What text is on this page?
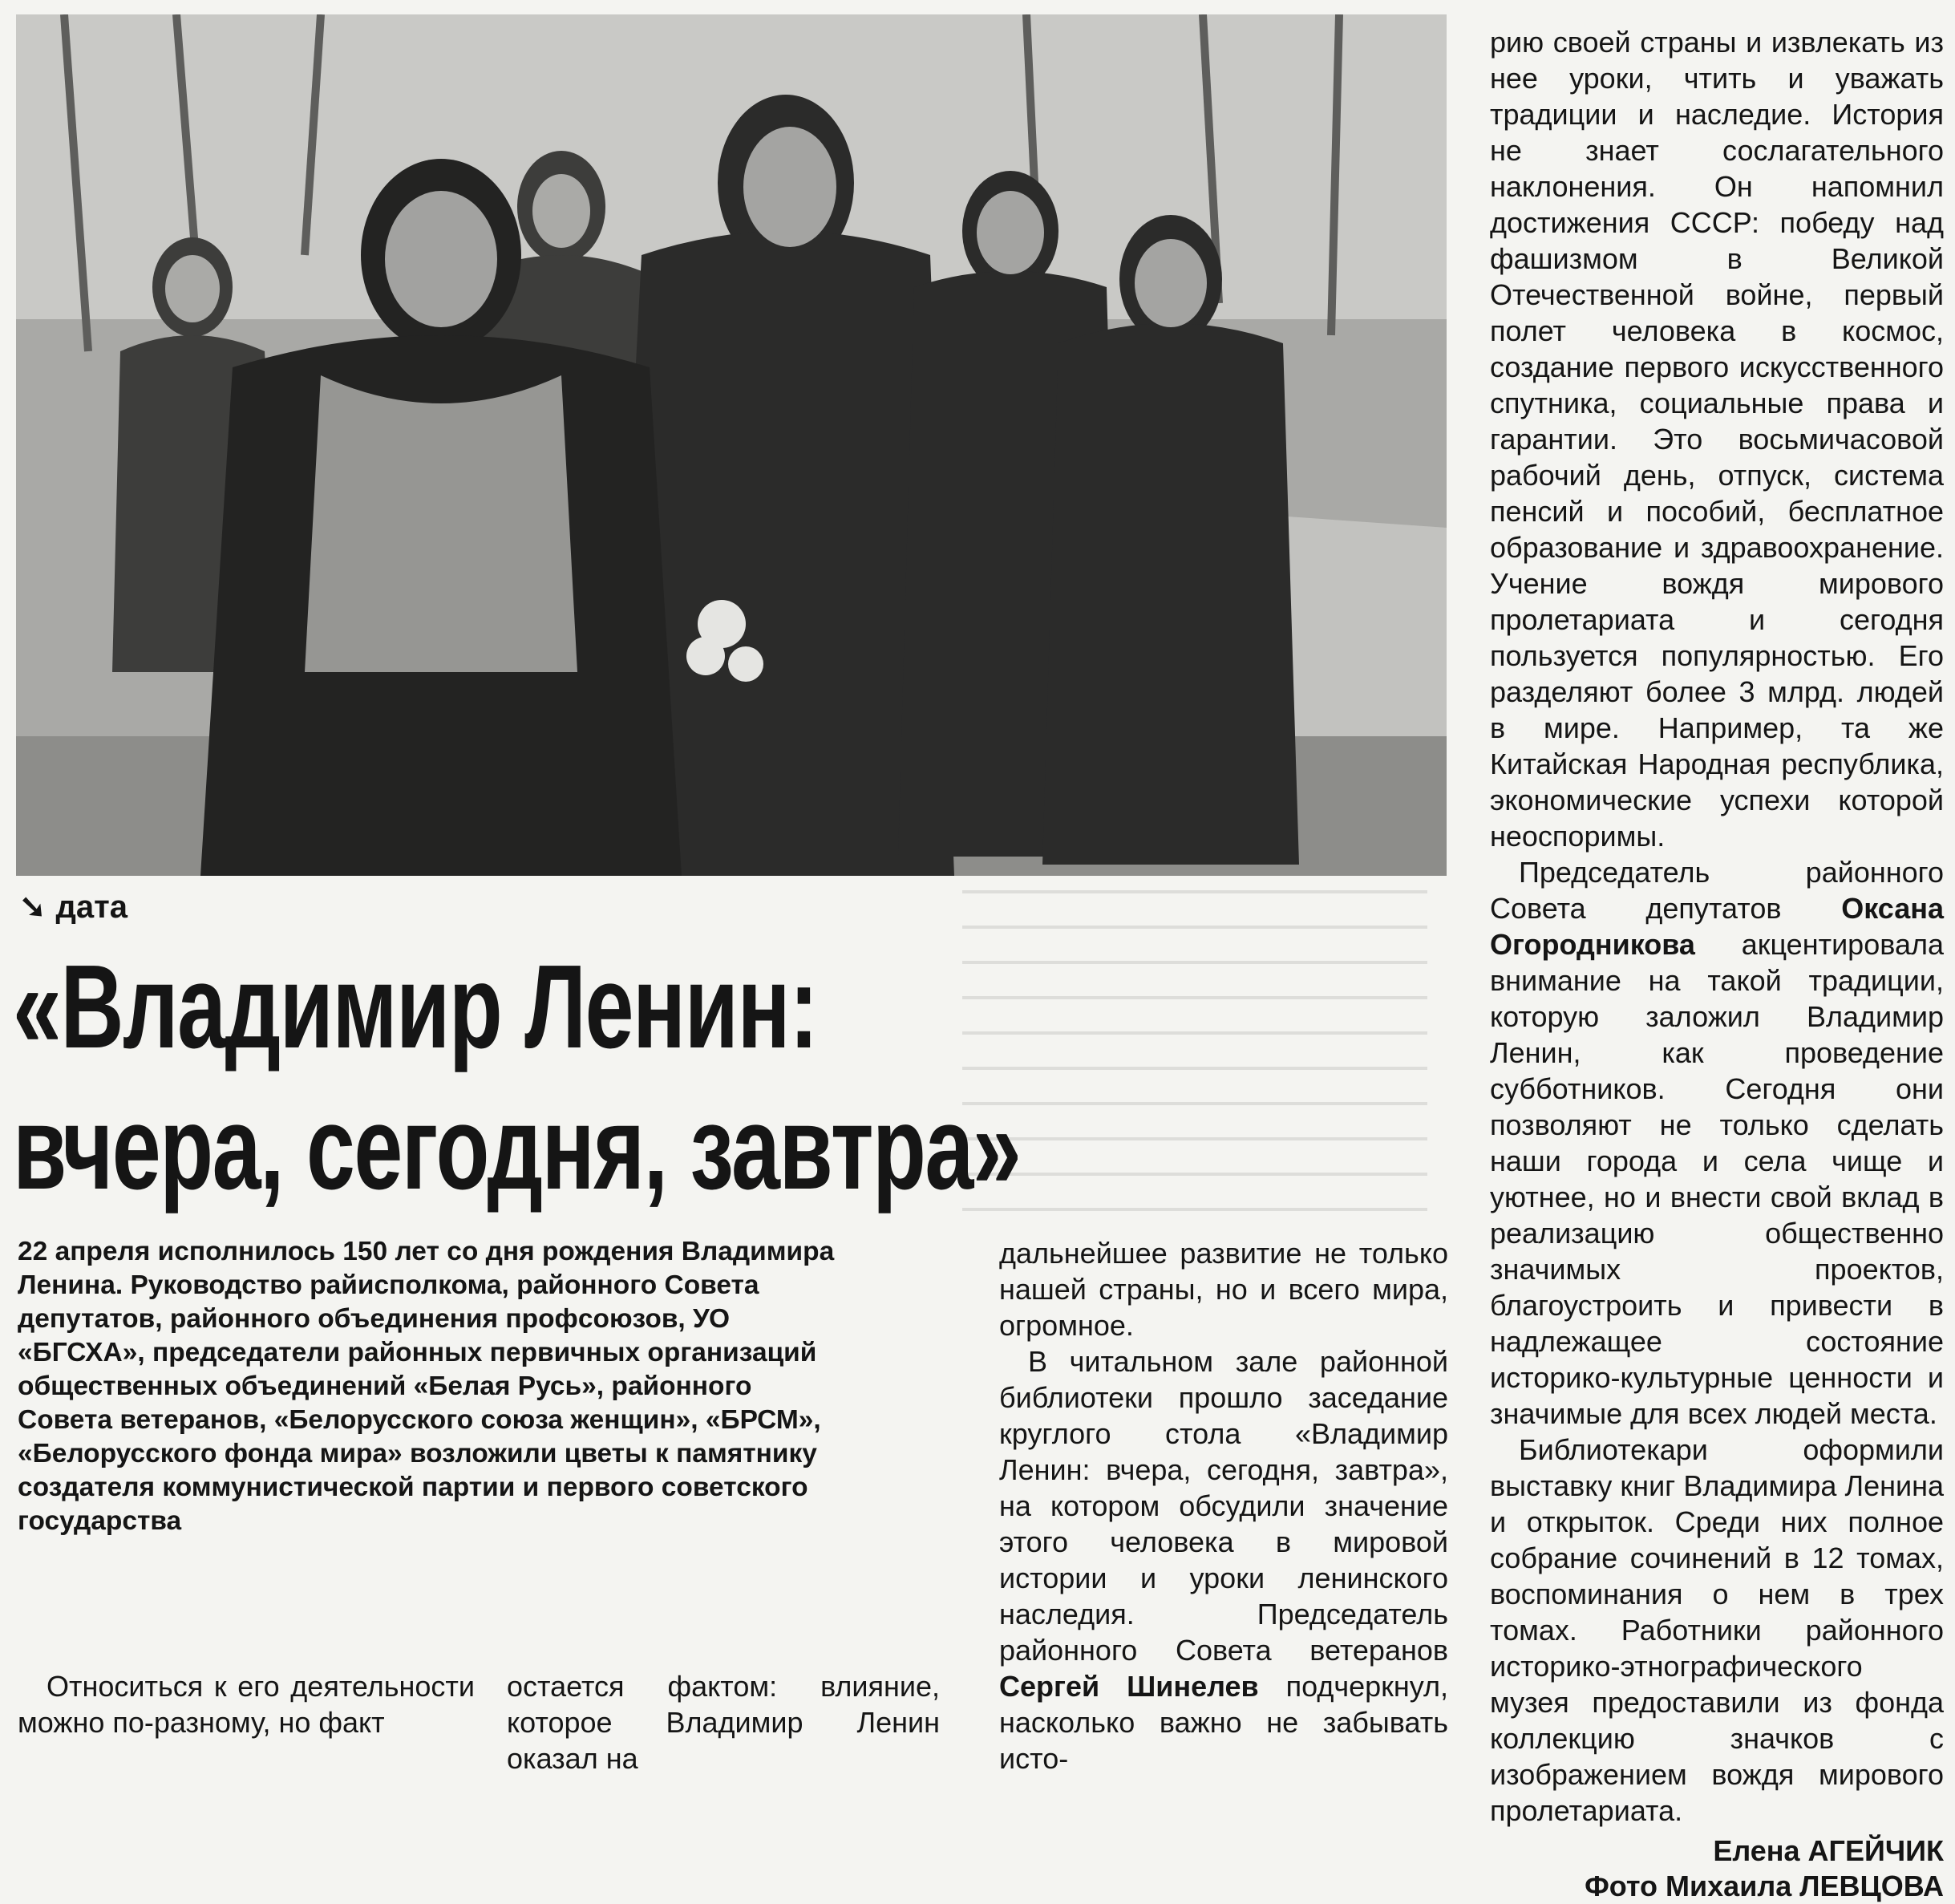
➘ дата
«Владимир Ленин:
вчера, сегодня, завтра»

22 апреля исполнилось 150 лет со дня рождения Владимира Ленина. Руководство райисполкома, районного Совета депутатов, районного объединения профсоюзов, УО «БГСХА», председатели районных первичных организаций общественных объединений «Белая Русь», районного Совета ветеранов, «Белорусского союза женщин», «БРСМ», «Белорусского фонда мира» возложили цветы к памятнику создателя коммунистической партии и первого советского государства

Относиться к его деятельности можно по-разному, но факт

остается фактом: влияние, которое Владимир Ленин оказал на

дальнейшее развитие не только нашей страны, но и всего мира, огромное.

В читальном зале районной библиотеки прошло заседание круглого стола «Владимир Ленин: вчера, сегодня, завтра», на котором обсудили значение этого человека в мировой истории и уроки ленинского наследия. Председатель районного Совета ветеранов Сергей Шинелев подчеркнул, насколько важно не забывать исто-

рию своей страны и извлекать из нее уроки, чтить и уважать традиции и наследие. История не знает сослагательного наклонения. Он напомнил достижения СССР: победу над фашизмом в Великой Отечественной войне, первый полет человека в космос, создание первого искусственного спутника, социальные права и гарантии. Это восьмичасовой рабочий день, отпуск, система пенсий и пособий, бесплатное образование и здравоохранение. Учение вождя мирового пролетариата и сегодня пользуется популярностью. Его разделяют более 3 млрд. людей в мире. Например, та же Китайская Народная республика, экономические успехи которой неоспоримы.

Председатель районного Совета депутатов Оксана Огородникова акцентировала внимание на такой традиции, которую заложил Владимир Ленин, как проведение субботников. Сегодня они позволяют не только сделать наши города и села чище и уютнее, но и внести свой вклад в реализацию общественно значимых проектов, благоустроить и привести в надлежащее состояние историко-культурные ценности и значимые для всех людей места.

Библиотекари оформили выставку книг Владимира Ленина и открыток. Среди них полное собрание сочинений в 12 томах, воспоминания о нем в трех томах. Работники районного историко-этнографического музея предоставили из фонда коллекцию значков с изображением вождя мирового пролетариата.

Елена АГЕЙЧИК
Фото Михаила ЛЕВЦОВА
